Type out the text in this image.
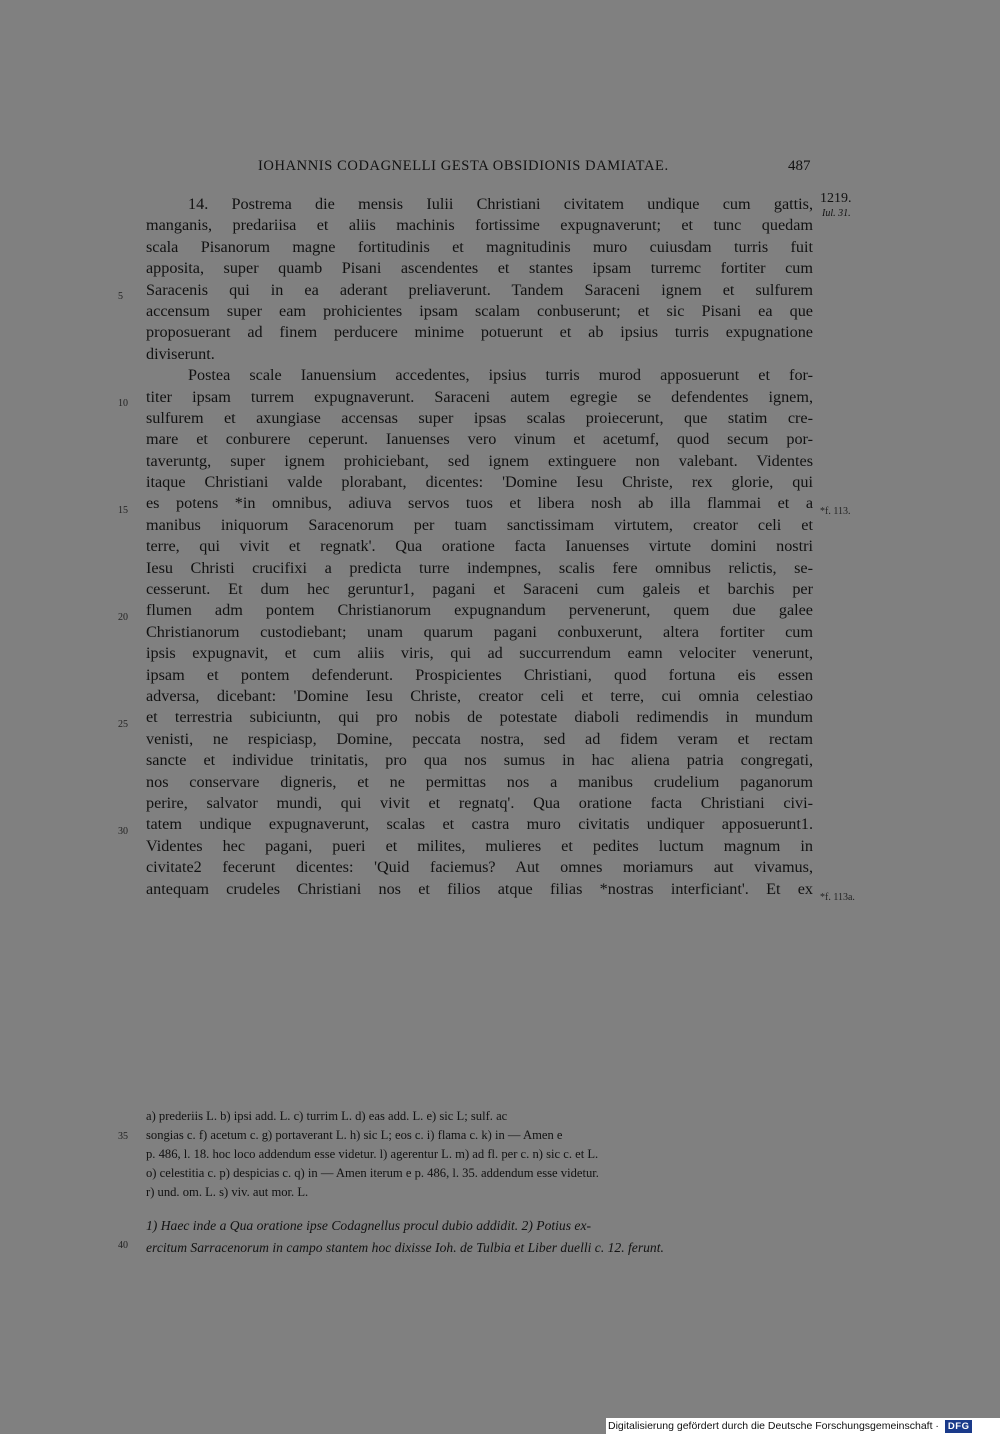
IOHANNIS CODAGNELLI GESTA OBSIDIONIS DAMIATAE.	487
1219.
Iul. 31.
*f. 113.
*f. 113a.
5
10
15
20
25
30
35
40
14. Postrema die mensis Iulii Christiani civitatem undique cum gattis,
manganis, predariisa et aliis machinis fortissime expugnaverunt; et tunc quedam
scala Pisanorum magne fortitudinis et magnitudinis muro cuiusdam turris fuit
apposita, super quamb Pisani ascendentes et stantes ipsam turremc fortiter cum
Saracenis qui in ea aderant preliaverunt. Tandem Saraceni ignem et sulfurem
accensum super eam prohicientes ipsam scalam conbuserunt; et sic Pisani ea que
proposuerant ad finem perducere minime potuerunt et ab ipsius turris expugnatione
diviserunt.
Postea scale Ianuensium accedentes, ipsius turris murod apposuerunt et for-
titer ipsam turrem expugnaverunt. Saraceni autem egregie se defendentes ignem,
sulfurem et axungiase accensas super ipsas scalas proiecerunt, que statim cre-
mare et conburere ceperunt. Ianuenses vero vinum et acetumf, quod secum por-
taveruntg, super ignem prohiciebant, sed ignem extinguere non valebant. Videntes
itaque Christiani valde plorabant, dicentes: 'Domine Iesu Christe, rex glorie, qui
es potens *in omnibus, adiuva servos tuos et libera nosh ab illa flammai et a
manibus iniquorum Saracenorum per tuam sanctissimam virtutem, creator celi et
terre, qui vivit et regnatk'. Qua oratione facta Ianuenses virtute domini nostri
Iesu Christi crucifixi a predicta turre indempnes, scalis fere omnibus relictis, se-
cesserunt. Et dum hec geruntur1, pagani et Saraceni cum galeis et barchis per
flumen adm pontem Christianorum expugnandum pervenerunt, quem due galee
Christianorum custodiebant; unam quarum pagani conbuxerunt, altera fortiter cum
ipsis expugnavit, et cum aliis viris, qui ad succurrendum eamn velociter venerunt,
ipsam et pontem defenderunt. Prospicientes Christiani, quod fortuna eis essen
adversa, dicebant: 'Domine Iesu Christe, creator celi et terre, cui omnia celestiao
et terrestria subiciuntn, qui pro nobis de potestate diaboli redimendis in mundum
venisti, ne respiciasp, Domine, peccata nostra, sed ad fidem veram et rectam
sancte et individue trinitatis, pro qua nos sumus in hac aliena patria congregati,
nos conservare digneris, et ne permittas nos a manibus crudelium paganorum
perire, salvator mundi, qui vivit et regnatq'. Qua oratione facta Christiani civi-
tatem undique expugnaverunt, scalas et castra muro civitatis undiquer apposuerunt1.
Videntes hec pagani, pueri et milites, mulieres et pedites luctum magnum in
civitate2 fecerunt dicentes: 'Quid faciemus? Aut omnes moriamurs aut vivamus,
antequam crudeles Christiani nos et filios atque filias *nostras interficiant'. Et ex
a) prederiis L. b) ipsi add. L. c) turrim L. d) eas add. L. e) sic L; sulf. ac
songias c. f) acetum c. g) portaverant L. h) sic L; eos c. i) flama c. k) in — Amen e
p. 486, l. 18. hoc loco addendum esse videtur. l) agerentur L. m) ad fl. per c. n) sic c. et L.
o) celestitia c. p) despicias c. q) in — Amen iterum e p. 486, l. 35. addendum esse videtur.
r) und. om. L. s) viv. aut mor. L.
1) Haec inde a Qua oratione ipse Codagnellus procul dubio addidit. 2) Potius ex-
ercitum Sarracenorum in campo stantem hoc dixisse Ioh. de Tulbia et Liber duelli c. 12. ferunt.
Digitalisierung gefördert durch die Deutsche Forschungsgemeinschaft · DFG
